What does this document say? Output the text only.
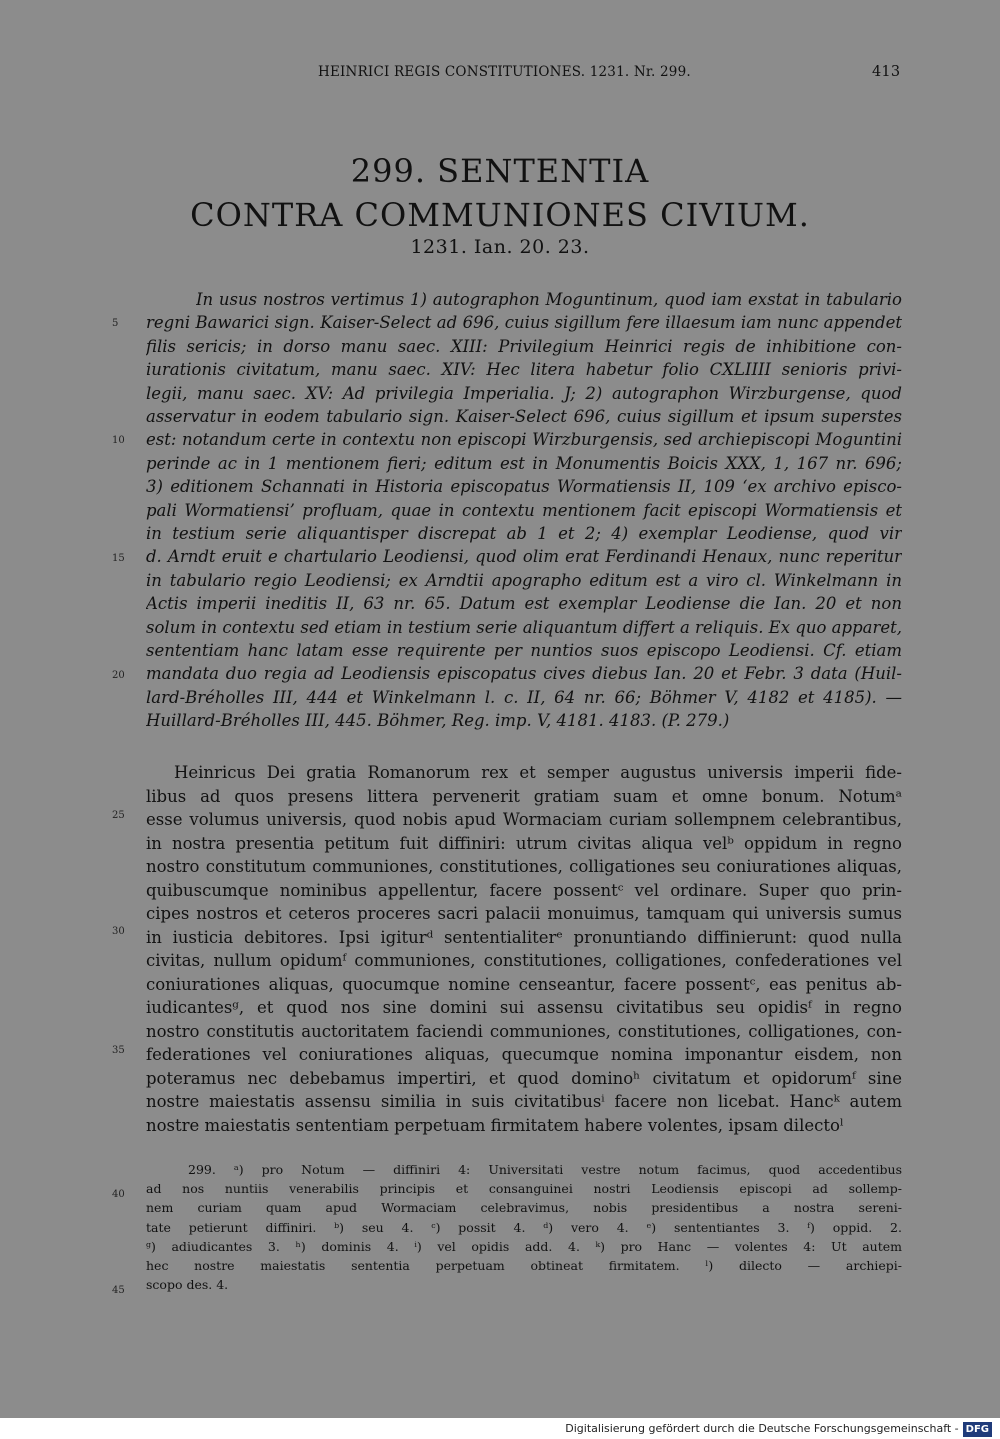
HEINRICI REGIS CONSTITUTIONES. 1231. Nr. 299.	413
299. SENTENTIA
CONTRA COMMUNIONES CIVIUM.
1231. Ian. 20. 23.
In usus nostros vertimus 1) autographon Moguntinum, quod iam exstat in tabulario
regni Bawarici sign. Kaiser-Select ad 696, cuius sigillum fere illaesum iam nunc appendet
filis sericis; in dorso manu saec. XIII: Privilegium Heinrici regis de inhibitione con-
iurationis civitatum, manu saec. XIV: Hec litera habetur folio CXLIIII senioris privi-
legii, manu saec. XV: Ad privilegia Imperialia. J; 2) autographon Wirzburgense, quod
asservatur in eodem tabulario sign. Kaiser-Select 696, cuius sigillum et ipsum superstes
est: notandum certe in contextu non episcopi Wirzburgensis, sed archiepiscopi Moguntini
perinde ac in 1 mentionem fieri; editum est in Monumentis Boicis XXX, 1, 167 nr. 696;
3) editionem Schannati in Historia episcopatus Wormatiensis II, 109 ‘ex archivo episco-
pali Wormatiensi’ profluam, quae in contextu mentionem facit episcopi Wormatiensis et
in testium serie aliquantisper discrepat ab 1 et 2; 4) exemplar Leodiense, quod vir
d. Arndt eruit e chartulario Leodiensi, quod olim erat Ferdinandi Henaux, nunc reperitur
in tabulario regio Leodiensi; ex Arndtii apographo editum est a viro cl. Winkelmann in
Actis imperii ineditis II, 63 nr. 65. Datum est exemplar Leodiense die Ian. 20 et non
solum in contextu sed etiam in testium serie aliquantum differt a reliquis. Ex quo apparet,
sententiam hanc latam esse requirente per nuntios suos episcopo Leodiensi. Cf. etiam
mandata duo regia ad Leodiensis episcopatus cives diebus Ian. 20 et Febr. 3 data (Huil-
lard-Bréholles III, 444 et Winkelmann l. c. II, 64 nr. 66; Böhmer V, 4182 et 4185). —
Huillard-Bréholles III, 445. Böhmer, Reg. imp. V, 4181. 4183. (P. 279.)
Heinricus Dei gratia Romanorum rex et semper augustus universis imperii fide-
libus ad quos presens littera pervenerit gratiam suam et omne bonum. Notumᵃ
esse volumus universis, quod nobis apud Wormaciam curiam sollempnem celebrantibus,
in nostra presentia petitum fuit diffiniri: utrum civitas aliqua velᵇ oppidum in regno
nostro constitutum communiones, constitutiones, colligationes seu coniurationes aliquas,
quibuscumque nominibus appellentur, facere possentᶜ vel ordinare. Super quo prin-
cipes nostros et ceteros proceres sacri palacii monuimus, tamquam qui universis sumus
in iusticia debitores. Ipsi igiturᵈ sententialiterᵉ pronuntiando diffinierunt: quod nulla
civitas, nullum opidumᶠ communiones, constitutiones, colligationes, confederationes vel
coniurationes aliquas, quocumque nomine censeantur, facere possentᶜ, eas penitus ab-
iudicantesᵍ, et quod nos sine domini sui assensu civitatibus seu opidisᶠ in regno
nostro constitutis auctoritatem faciendi communiones, constitutiones, colligationes, con-
federationes vel coniurationes aliquas, quecumque nomina imponantur eisdem, non
poteramus nec debebamus impertiri, et quod dominoʰ civitatum et opidorumᶠ sine
nostre maiestatis assensu similia in suis civitatibusⁱ facere non licebat. Hancᵏ autem
nostre maiestatis sententiam perpetuam firmitatem habere volentes, ipsam dilectoˡ
299. ᵃ) pro Notum — diffiniri 4: Universitati vestre notum facimus, quod accedentibus
ad nos nuntiis venerabilis principis et consanguinei nostri Leodiensis episcopi ad sollemp-
nem curiam quam apud Wormaciam celebravimus, nobis presidentibus a nostra sereni-
tate petierunt diffiniri. ᵇ) seu 4. ᶜ) possit 4. ᵈ) vero 4. ᵉ) sententiantes 3. ᶠ) oppid. 2.
ᵍ) adiudicantes 3. ʰ) dominis 4. ⁱ) vel opidis add. 4. ᵏ) pro Hanc — volentes 4: Ut autem
hec nostre maiestatis sententia perpetuam obtineat firmitatem. ˡ) dilecto — archiepi-
scopo des. 4.
5
10
15
20
25
30
35
40
45
Digitalisierung gefördert durch die Deutsche Forschungsgemeinschaft - DFG
